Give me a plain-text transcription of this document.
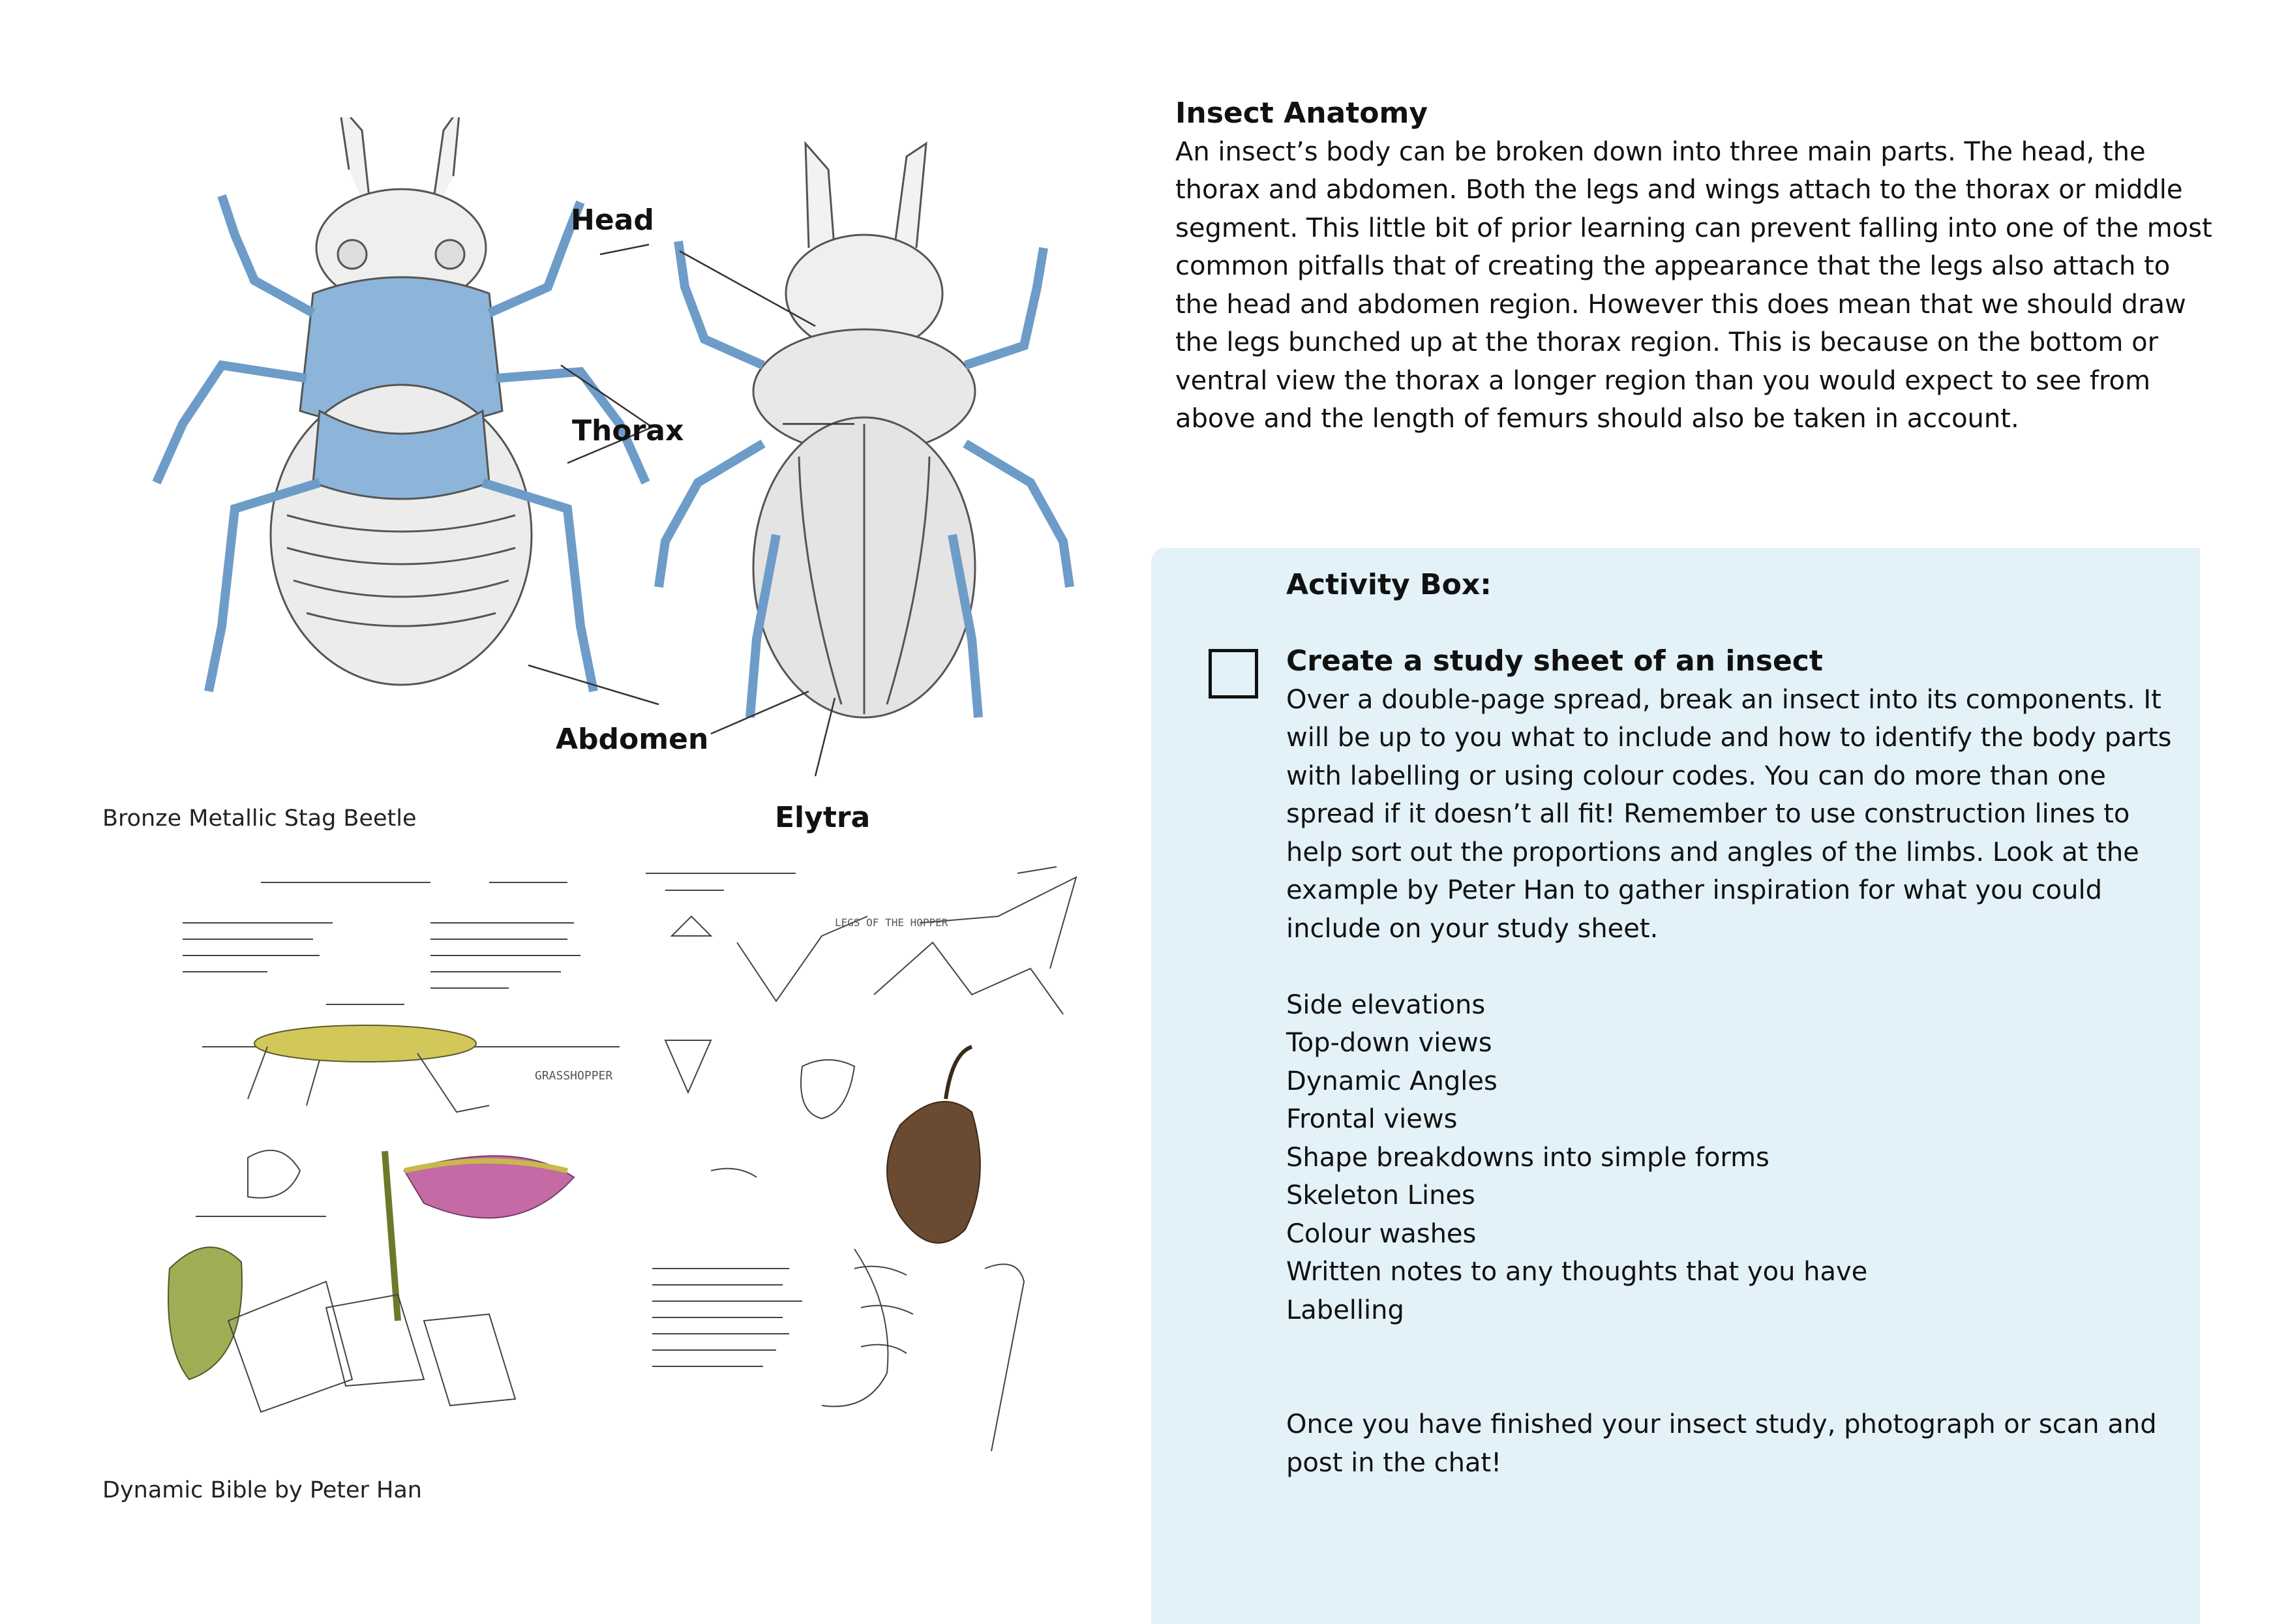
Head
Thorax
Abdomen
Elytra
Bronze Metallic Stag Beetle
GRASSHOPPER
LEGS OF THE HOPPER
Dynamic Bible by Peter Han
Insect Anatomy

An insect’s body can be broken down into three main parts. The head, the thorax and abdomen. Both the legs and wings attach to the thorax or middle segment. This little bit of prior learning can prevent falling into one of the most common pitfalls that of creating the appearance that the legs also attach to the head and abdomen region. However this does mean that we should draw the legs bunched up at the thorax region. This is because on the bottom or ventral view the thorax a longer region than you would expect to see from above and the length of femurs should also be taken in account.

Activity Box:

Create a study sheet of an insect

Over a double-page spread, break an insect into its components. It will be up to you what to include and how to identify the body parts with labelling or using colour codes. You can do more than one spread if it doesn’t all fit! Remember to use construction lines to help sort out the proportions and angles of the limbs. Look at the example by Peter Han to gather inspiration for what you could include on your study sheet.

Side elevations
Top-down views
Dynamic Angles
Frontal views
Shape breakdowns into simple forms
Skeleton Lines
Colour washes
Written notes to any thoughts that you have
Labelling

Once you have finished your insect study, photograph or scan and post in the chat!
